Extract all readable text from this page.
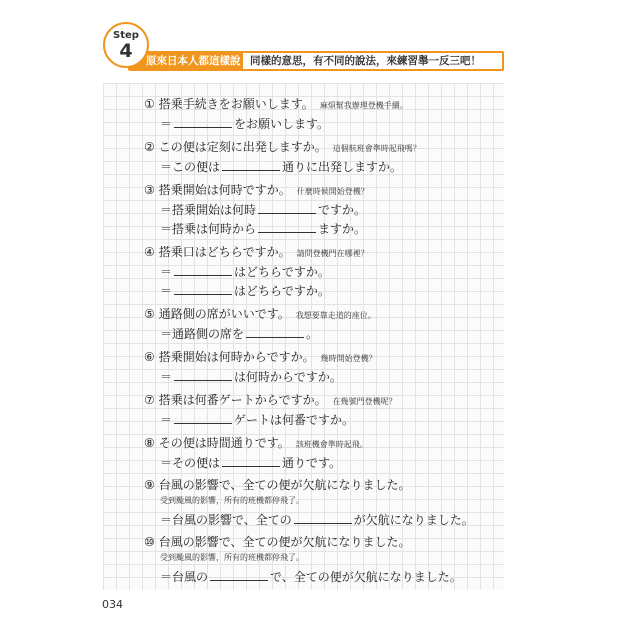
Step
4	原來日本人都這樣說 同樣的意思，有不同的說法，來練習舉一反三吧！
① 搭乗手続きをお願いします。 麻煩幫我辦理登機手續。
＝	をお願いします。
② この便は定刻に出発しますか。 這個航班會準時起飛嗎？
＝この便は	通りに出発しますか。
③ 搭乗開始は何時ですか。 什麼時候開始登機？
＝搭乗開始は何時	ですか。
＝搭乗は何時から	ますか。
④ 搭乗口はどちらですか。 請問登機門在哪裡？
＝	はどちらですか。
＝	はどちらですか。
⑤ 通路側の席がいいです。 我想要靠走道的座位。
＝通路側の席を	。
⑥ 搭乗開始は何時からですか。 幾時開始登機？
＝	は何時からですか。
⑦ 搭乗は何番ゲートからですか。 在幾號門登機呢？
＝	ゲートは何番ですか。
⑧ その便は時間通りです。 該班機會準時起飛。
＝その便は	通りです。
⑨ 台風の影響で、全ての便が欠航になりました。
受到颱風的影響，所有的班機都停飛了。
＝台風の影響で、全ての	が欠航になりました。
⑩ 台風の影響で、全ての便が欠航になりました。
受到颱風的影響，所有的班機都停飛了。
＝台風の	で、全ての便が欠航になりました。
034
